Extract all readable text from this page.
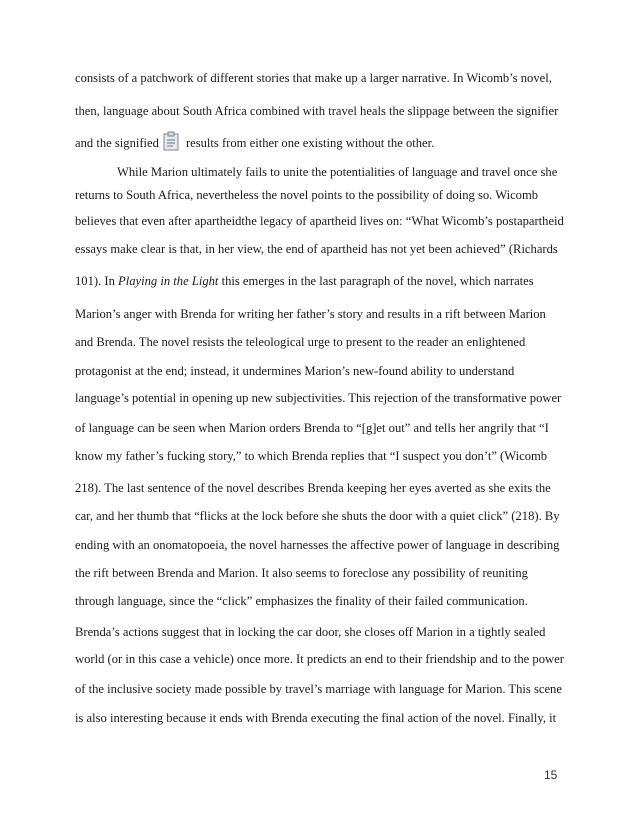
consists of a patchwork of different stories that make up a larger narrative. In Wicomb’s novel,
then, language about South Africa combined with travel heals the slippage between the signifier
and the signified results from either one existing without the other.
While Marion ultimately fails to unite the potentialities of language and travel once she
returns to South Africa, nevertheless the novel points to the possibility of doing so. Wicomb
believes that even after apartheidthe legacy of apartheid lives on: “What Wicomb’s postapartheid
essays make clear is that, in her view, the end of apartheid has not yet been achieved” (Richards
101). In Playing in the Light this emerges in the last paragraph of the novel, which narrates
Marion’s anger with Brenda for writing her father’s story and results in a rift between Marion
and Brenda. The novel resists the teleological urge to present to the reader an enlightened
protagonist at the end; instead, it undermines Marion’s new-found ability to understand
language’s potential in opening up new subjectivities. This rejection of the transformative power
of language can be seen when Marion orders Brenda to “[g]et out” and tells her angrily that “I
know my father’s fucking story,” to which Brenda replies that “I suspect you don’t” (Wicomb
218). The last sentence of the novel describes Brenda keeping her eyes averted as she exits the
car, and her thumb that “flicks at the lock before she shuts the door with a quiet click” (218). By
ending with an onomatopoeia, the novel harnesses the affective power of language in describing
the rift between Brenda and Marion. It also seems to foreclose any possibility of reuniting
through language, since the “click” emphasizes the finality of their failed communication.
Brenda’s actions suggest that in locking the car door, she closes off Marion in a tightly sealed
world (or in this case a vehicle) once more. It predicts an end to their friendship and to the power
of the inclusive society made possible by travel’s marriage with language for Marion. This scene
is also interesting because it ends with Brenda executing the final action of the novel. Finally, it
15
